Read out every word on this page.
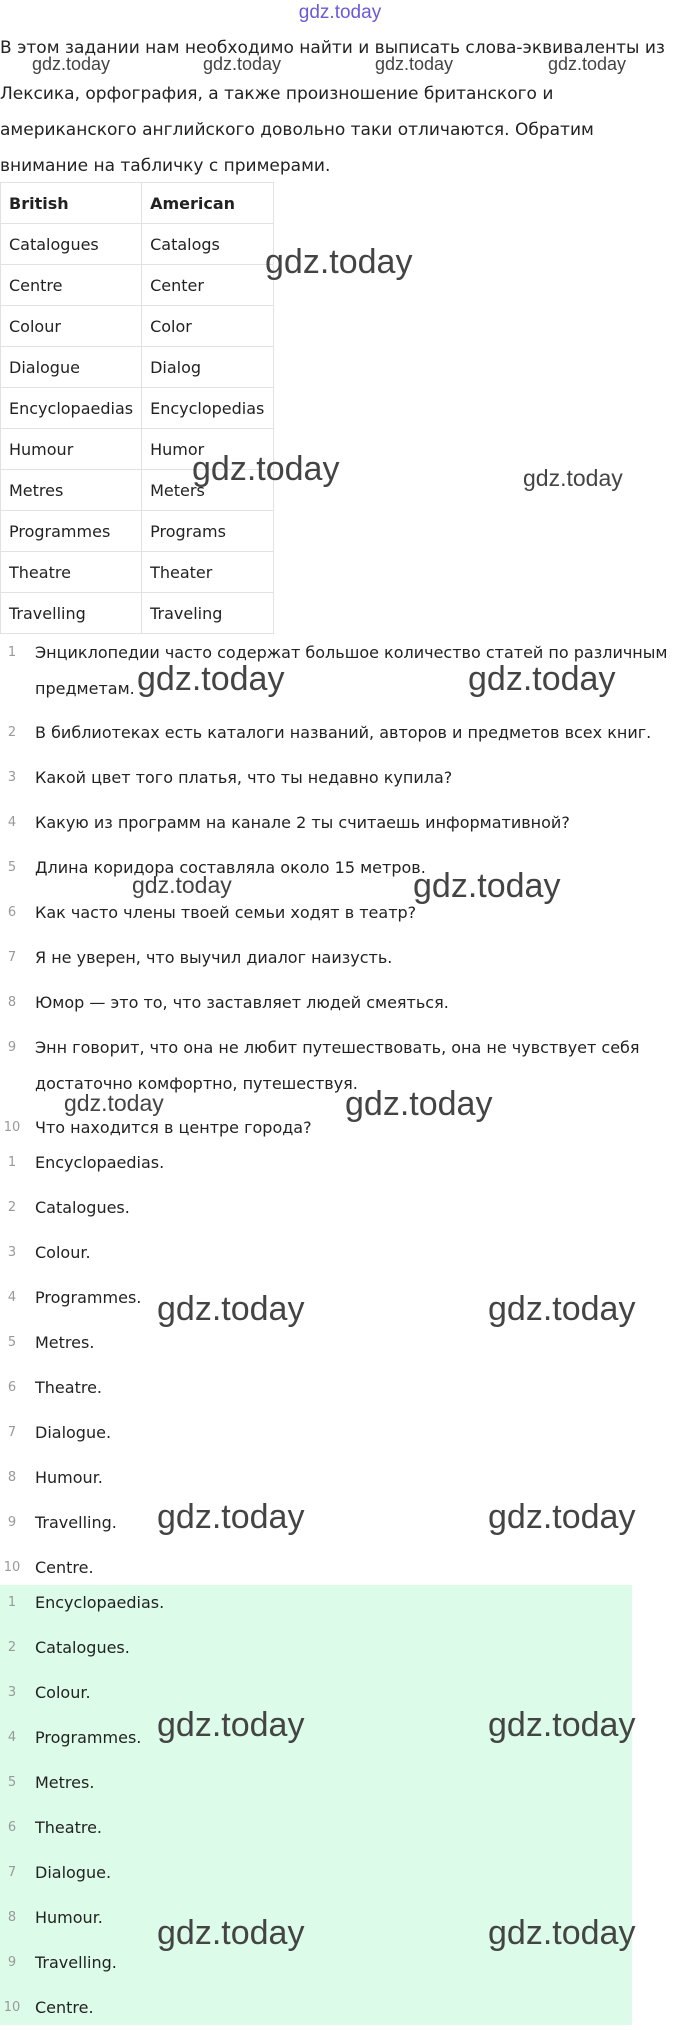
gdz.today
В этом задании нам необходимо найти и выписать слова-эквиваленты из
Лексика, орфография, а также произношение британского и американского английского довольно таки отличаются. Обратим внимание на табличку с примерами.
British	American
Catalogues	Catalogs
Centre	Center
Colour	Color
Dialogue	Dialog
Encyclopaedias	Encyclopedias
Humour	Humor
Metres	Meters
Programmes	Programs
Theatre	Theater
Travelling	Traveling
1	Энциклопедии часто содержат большое количество статей по различным предметам.
2	В библиотеках есть каталоги названий, авторов и предметов всех книг.
3	Какой цвет того платья, что ты недавно купила?
4	Какую из программ на канале 2 ты считаешь информативной?
5	Длина коридора составляла около 15 метров.
6	Как часто члены твоей семьи ходят в театр?
7	Я не уверен, что выучил диалог наизусть.
8	Юмор — это то, что заставляет людей смеяться.
9	Энн говорит, что она не любит путешествовать, она не чувствует себя достаточно комфортно, путешествуя.
10 Что находится в центре города?
1	Encyclopaedias.
2	Catalogues.
3	Colour.
4	Programmes.
5	Metres.
6	Theatre.
7	Dialogue.
8	Humour.
9	Travelling.
10 Centre.
1	Encyclopaedias.
2	Catalogues.
3	Colour.
4	Programmes.
5	Metres.
6	Theatre.
7	Dialogue.
8	Humour.
9	Travelling.
10 Centre.
gdz.today	gdz.today	gdz.today	gdz.today
gdz.today
gdz.today	gdz.today
gdz.today	gdz.today
gdz.today	gdz.today
gdz.today	gdz.today
gdz.today	gdz.today
gdz.today	gdz.today
gdz.today	gdz.today
gdz.today	gdz.today
